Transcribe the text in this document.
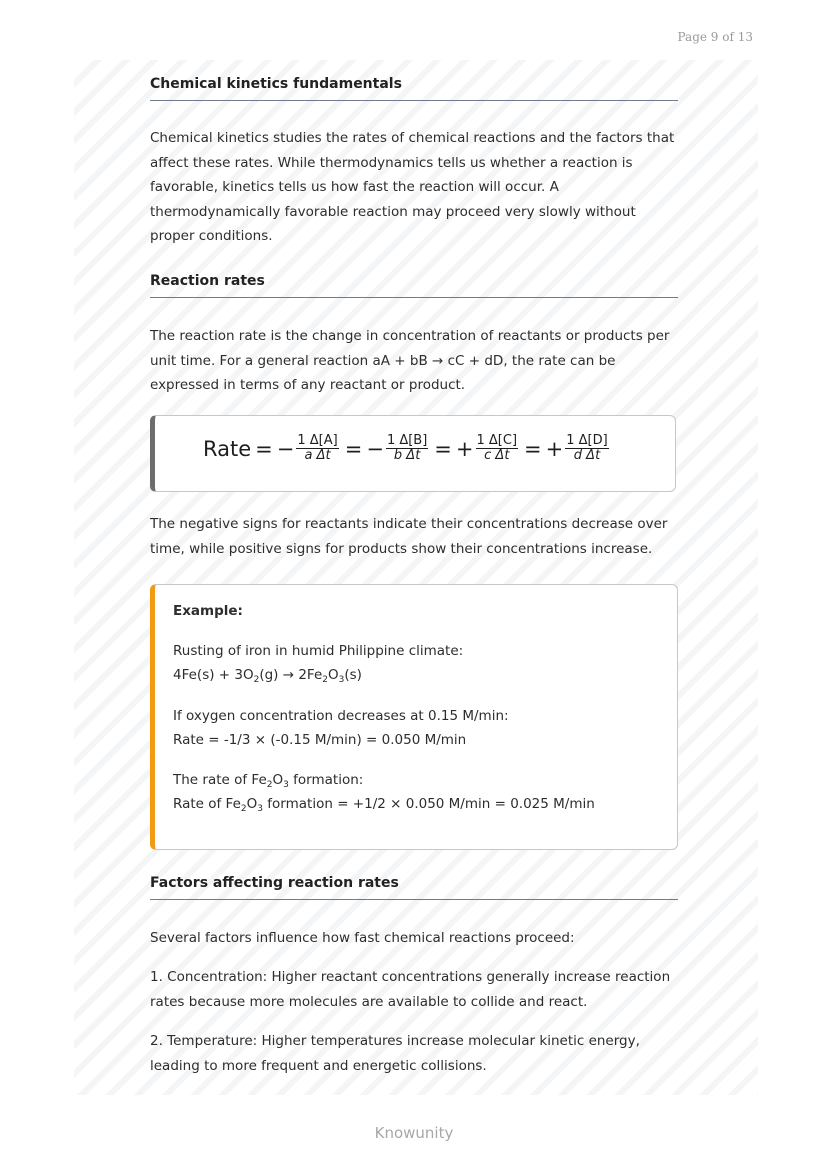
Page 9 of 13
Chemical kinetics fundamentals
Chemical kinetics studies the rates of chemical reactions and the factors that
affect these rates. While thermodynamics tells us whether a reaction is
favorable, kinetics tells us how fast the reaction will occur. A
thermodynamically favorable reaction may proceed very slowly without
proper conditions.
Reaction rates
The reaction rate is the change in concentration of reactants or products per
unit time. For a general reaction aA + bB → cC + dD, the rate can be
expressed in terms of any reactant or product.
Rate = − $\frac{1 \Delta[A]}{\text{a Δt}}$ = − $\frac{1 \Delta[B]}{\text{b Δt}}$ = + $\frac{1 \Delta[C]}{\text{c Δt}}$ = + $\frac{1 \Delta[D]}{\text{d Δt}}$
The negative signs for reactants indicate their concentrations decrease over
time, while positive signs for products show their concentrations increase.
Example:
Rusting of iron in humid Philippine climate:
$4Fe(s) + 3O_2(g) \to 2Fe_2O_3(s)$
If oxygen concentration decreases at 0.15 M/min:
Rate = -1/3 × (-0.15 M/min) = 0.050 M/min
The rate of $Fe_2O_3$ formation:
Rate of $Fe_2O_3$ formation = +1/2 × 0.050 M/min = 0.025 M/min
Factors affecting reaction rates
Several factors influence how fast chemical reactions proceed:
1. Concentration: Higher reactant concentrations generally increase reaction
rates because more molecules are available to collide and react.
2. Temperature: Higher temperatures increase molecular kinetic energy,
leading to more frequent and energetic collisions.
Knowunity
